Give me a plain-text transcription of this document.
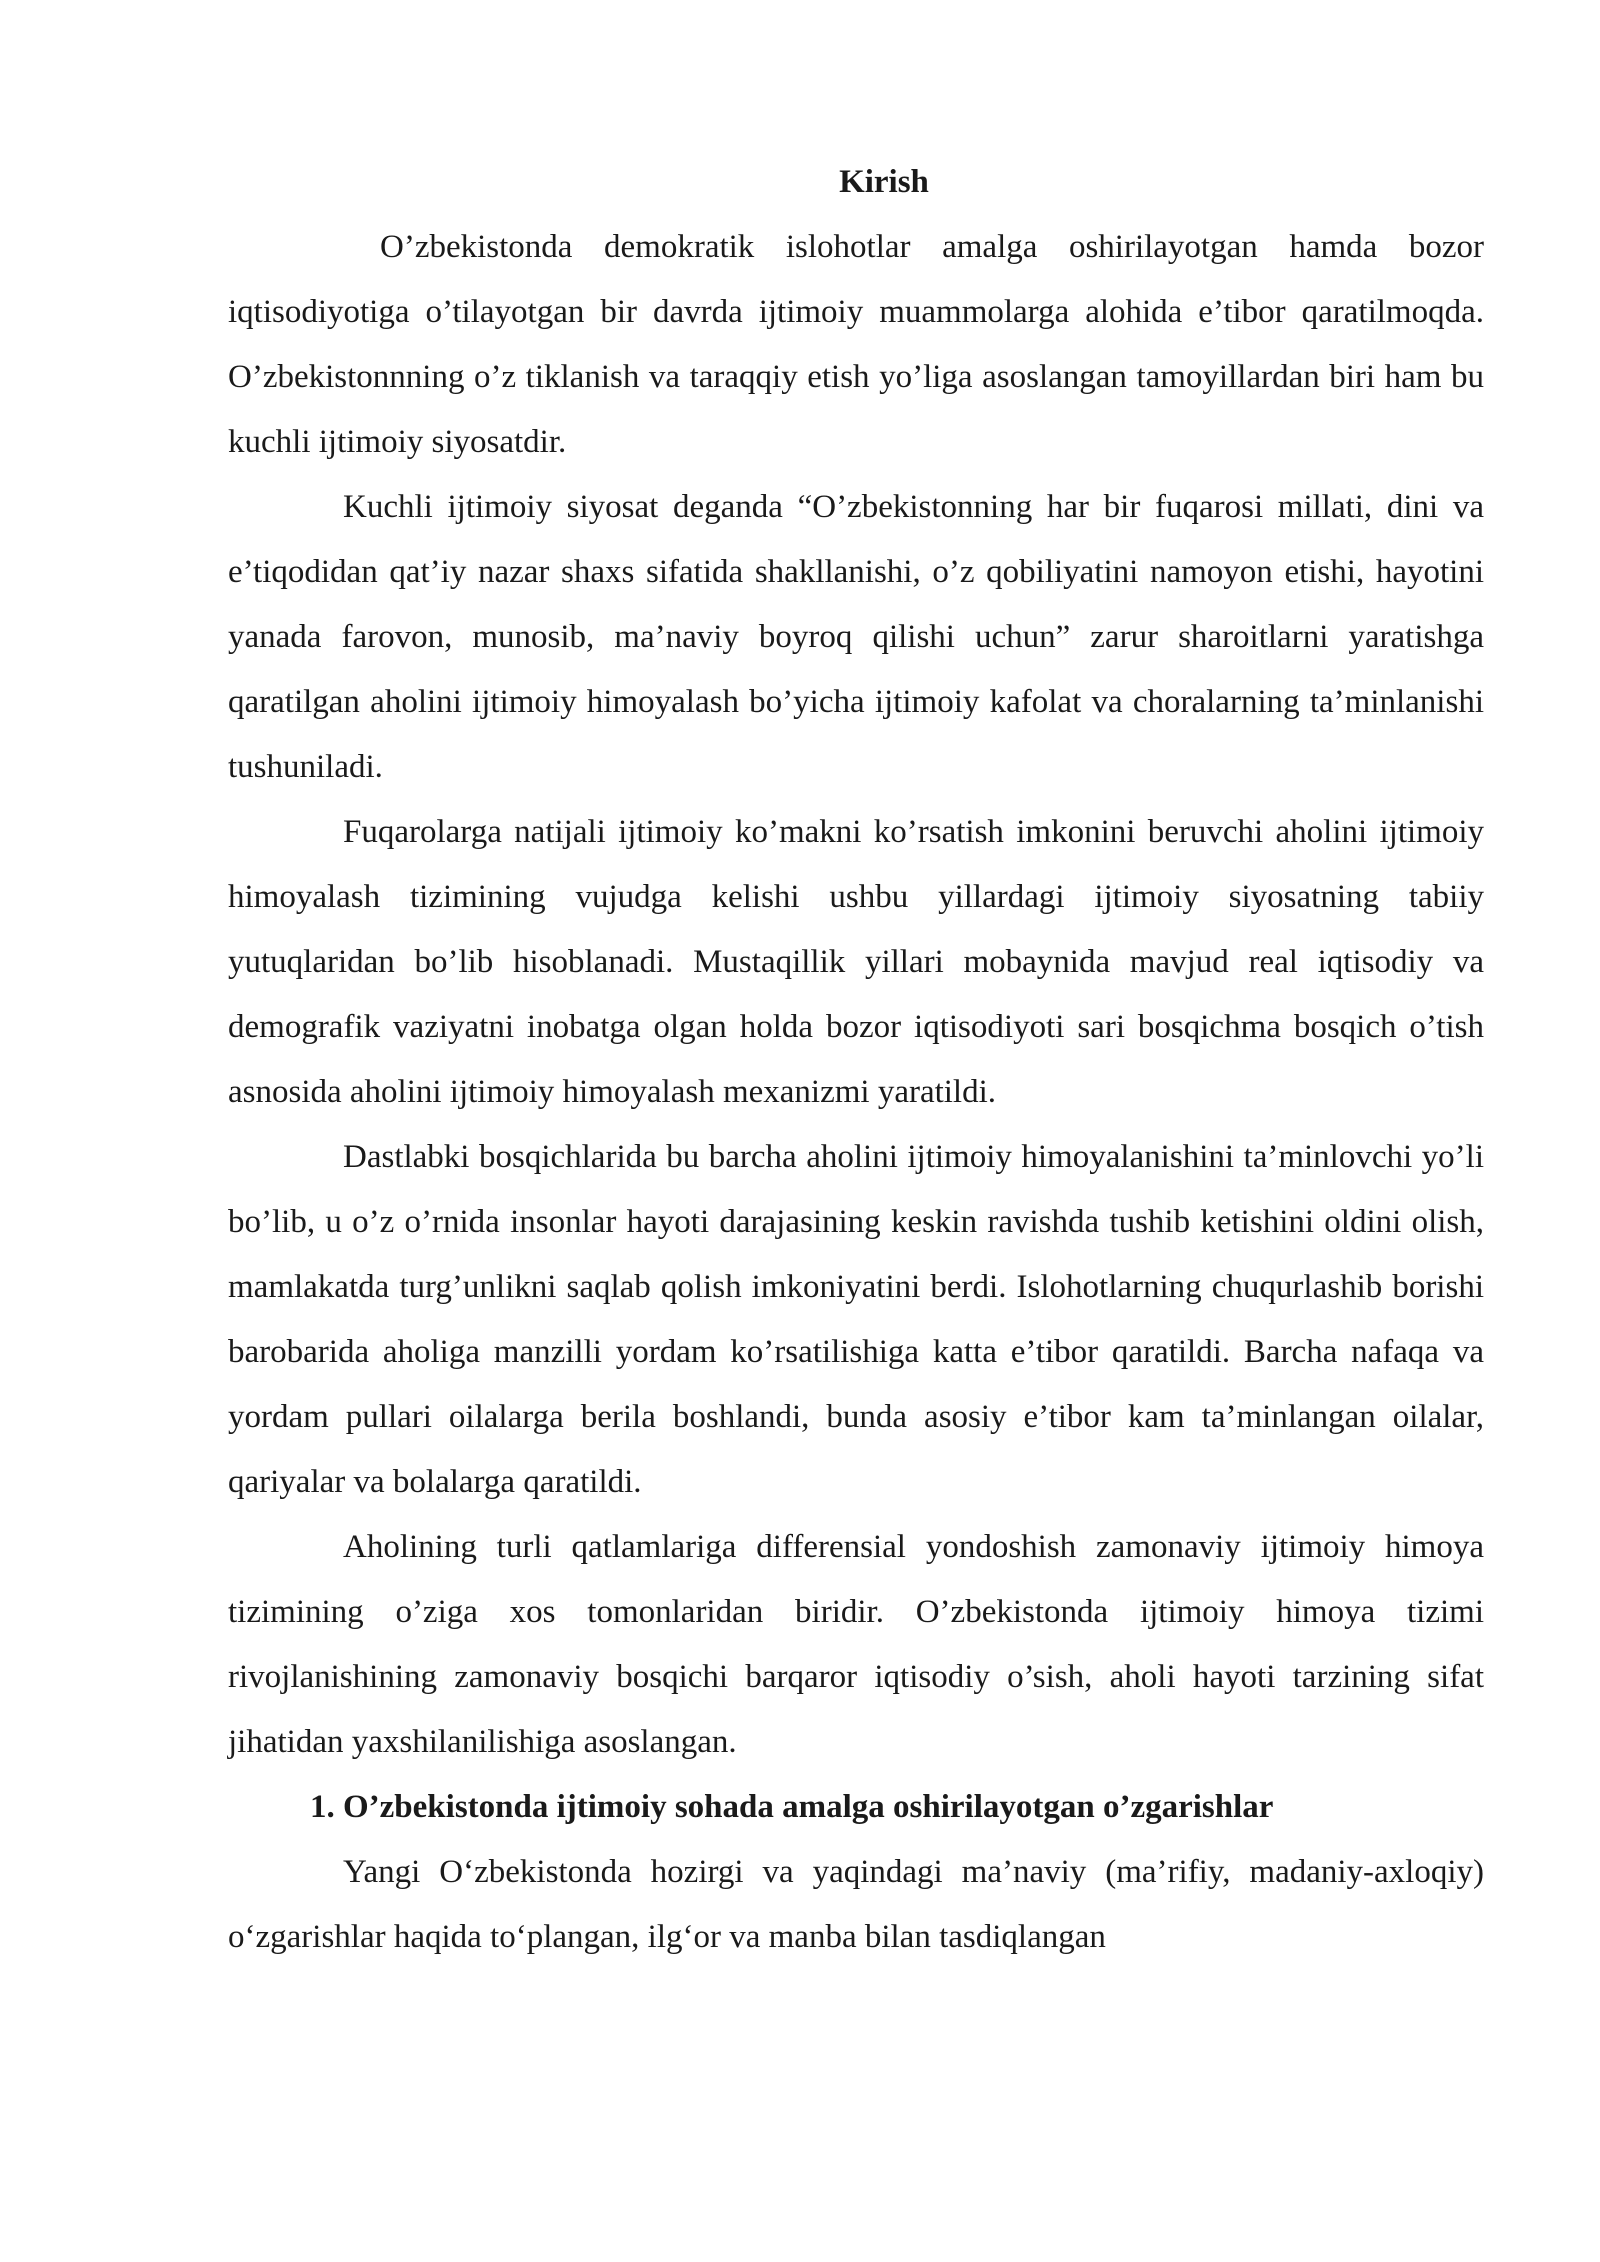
Kirish

O’zbekistonda demokratik islohotlar amalga oshirilayotgan hamda bozor iqtisodiyotiga o’tilayotgan bir davrda ijtimoiy muammolarga alohida e’tibor qaratilmoqda. O’zbekistonnning o’z tiklanish va taraqqiy etish yo’liga asoslangan tamoyillardan biri ham bu kuchli ijtimoiy siyosatdir.

Kuchli ijtimoiy siyosat deganda “O’zbekistonning har bir fuqarosi millati, dini va e’tiqodidan qat’iy nazar shaxs sifatida shakllanishi, o’z qobiliyatini namoyon etishi, hayotini yanada farovon, munosib, ma’naviy boyroq qilishi uchun” zarur sharoitlarni yaratishga qaratilgan aholini ijtimoiy himoyalash bo’yicha ijtimoiy kafolat va choralarning ta’minlanishi tushuniladi.

Fuqarolarga natijali ijtimoiy ko’makni ko’rsatish imkonini beruvchi aholini ijtimoiy himoyalash tizimining vujudga kelishi ushbu yillardagi ijtimoiy siyosatning tabiiy yutuqlaridan bo’lib hisoblanadi. Mustaqillik yillari mobaynida mavjud real iqtisodiy va demografik vaziyatni inobatga olgan holda bozor iqtisodiyoti sari bosqichma bosqich o’tish asnosida aholini ijtimoiy himoyalash mexanizmi yaratildi.

Dastlabki bosqichlarida bu barcha aholini ijtimoiy himoyalanishini ta’minlovchi yo’li bo’lib, u o’z o’rnida insonlar hayoti darajasining keskin ravishda tushib ketishini oldini olish, mamlakatda turg’unlikni saqlab qolish imkoniyatini berdi. Islohotlarning chuqurlashib borishi barobarida aholiga manzilli yordam ko’rsatilishiga katta e’tibor qaratildi. Barcha nafaqa va yordam pullari oilalarga berila boshlandi, bunda asosiy e’tibor kam ta’minlangan oilalar, qariyalar va bolalarga qaratildi.

Aholining turli qatlamlariga differensial yondoshish zamonaviy ijtimoiy himoya tizimining o’ziga xos tomonlaridan biridir. O’zbekistonda ijtimoiy himoya tizimi rivojlanishining zamonaviy bosqichi barqaror iqtisodiy o’sish, aholi hayoti tarzining sifat jihatidan yaxshilanilishiga asoslangan.

1. O’zbekistonda ijtimoiy sohada amalga oshirilayotgan o’zgarishlar

Yangi O‘zbekistonda hozirgi va yaqindagi ma’naviy (ma’rifiy, madaniy-axloqiy) o‘zgarishlar haqida to‘plangan, ilg‘or va manba bilan tasdiqlangan
